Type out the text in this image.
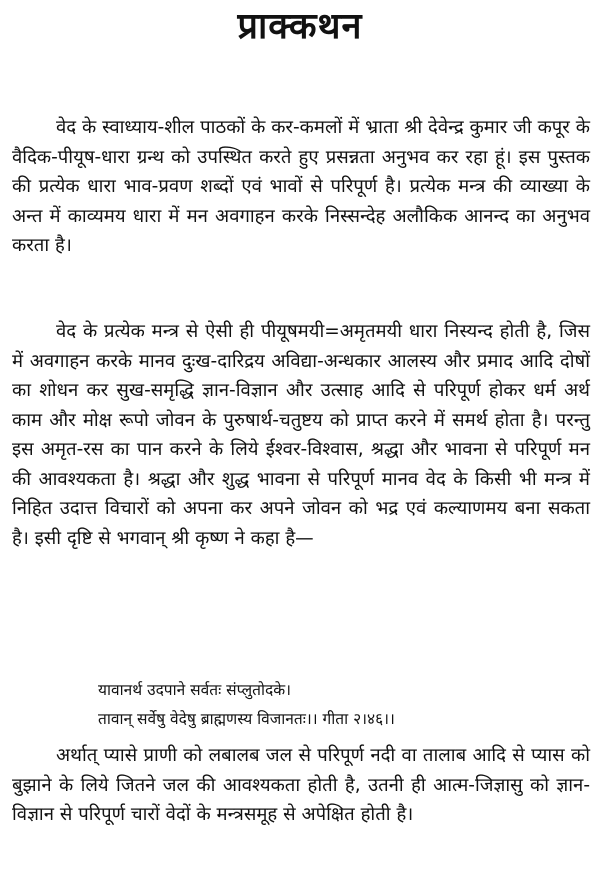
प्राक्कथन

वेद के स्वाध्याय-शील पाठकों के कर-कमलों में भ्राता श्री देवेन्द्र कुमार जी कपूर के वैदिक-पीयूष-धारा ग्रन्थ को उपस्थित करते हुए प्रसन्नता अनुभव कर रहा हूं। इस पुस्तक की प्रत्येक धारा भाव-प्रवण शब्दों एवं भावों से परिपूर्ण है। प्रत्येक मन्त्र की व्याख्या के अन्त में काव्यमय धारा में मन अवगाहन करके निस्सन्देह अलौकिक आनन्द का अनुभव करता है।

वेद के प्रत्येक मन्त्र से ऐसी ही पीयूषमयी=अमृतमयी धारा निस्यन्द होती है, जिस में अवगाहन करके मानव दुःख-दारिद्रय अविद्या-अन्धकार आलस्य और प्रमाद आदि दोषों का शोधन कर सुख-समृद्धि ज्ञान-विज्ञान और उत्साह आदि से परिपूर्ण होकर धर्म अर्थ काम और मोक्ष रूपो जोवन के पुरुषार्थ-चतुष्टय को प्राप्त करने में समर्थ होता है। परन्तु इस अमृत-रस का पान करने के लिये ईश्वर-विश्वास, श्रद्धा और भावना से परिपूर्ण मन की आवश्यकता है। श्रद्धा और शुद्ध भावना से परिपूर्ण मानव वेद के किसी भी मन्त्र में निहित उदात्त विचारों को अपना कर अपने जोवन को भद्र एवं कल्याणमय बना सकता है। इसी दृष्टि से भगवान् श्री कृष्ण ने कहा है—

यावानर्थ उदपाने सर्वतः संप्लुतोदके।
तावान् सर्वेषु वेदेषु ब्राह्मणस्य विजानतः।। गीता २।४६।।

अर्थात् प्यासे प्राणी को लबालब जल से परिपूर्ण नदी वा तालाब आदि से प्यास को बुझाने के लिये जितने जल की आवश्यकता होती है, उतनी ही आत्म-जिज्ञासु को ज्ञान-विज्ञान से परिपूर्ण चारों वेदों के मन्त्रसमूह से अपेक्षित होती है।
